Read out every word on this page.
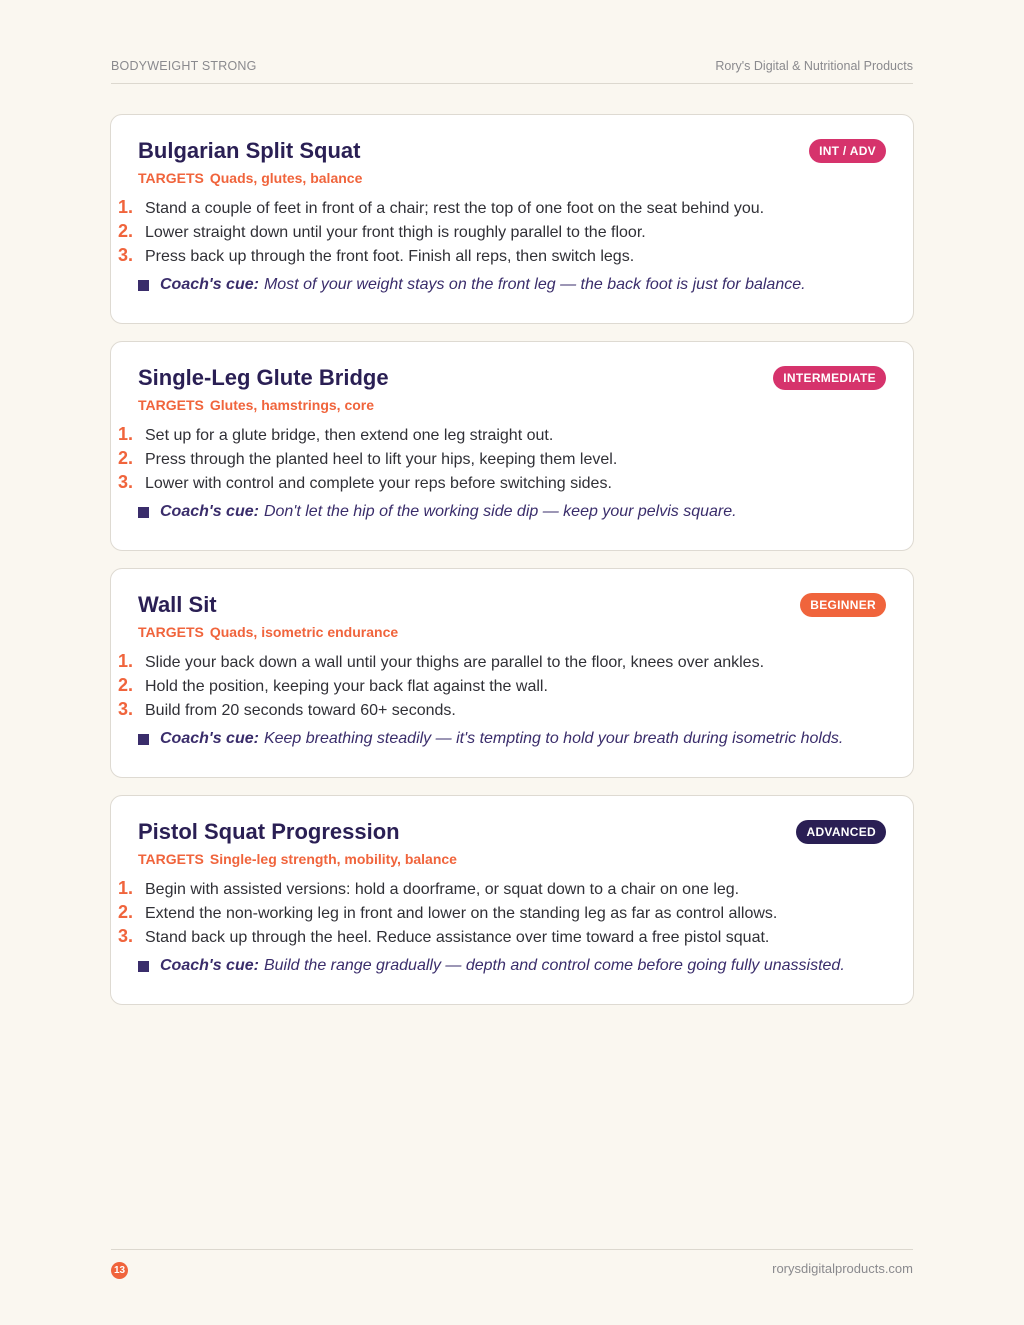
BODYWEIGHT STRONG	Rory's Digital & Nutritional Products
Bulgarian Split Squat	INT / ADV
TARGETS Quads, glutes, balance
1. Stand a couple of feet in front of a chair; rest the top of one foot on the seat behind you.
2. Lower straight down until your front thigh is roughly parallel to the floor.
3. Press back up through the front foot. Finish all reps, then switch legs.
Coach's cue: Most of your weight stays on the front leg — the back foot is just for balance.
Single-Leg Glute Bridge	INTERMEDIATE
TARGETS Glutes, hamstrings, core
1. Set up for a glute bridge, then extend one leg straight out.
2. Press through the planted heel to lift your hips, keeping them level.
3. Lower with control and complete your reps before switching sides.
Coach's cue: Don't let the hip of the working side dip — keep your pelvis square.
Wall Sit	BEGINNER
TARGETS Quads, isometric endurance
1. Slide your back down a wall until your thighs are parallel to the floor, knees over ankles.
2. Hold the position, keeping your back flat against the wall.
3. Build from 20 seconds toward 60+ seconds.
Coach's cue: Keep breathing steadily — it's tempting to hold your breath during isometric holds.
Pistol Squat Progression	ADVANCED
TARGETS Single-leg strength, mobility, balance
1. Begin with assisted versions: hold a doorframe, or squat down to a chair on one leg.
2. Extend the non-working leg in front and lower on the standing leg as far as control allows.
3. Stand back up through the heel. Reduce assistance over time toward a free pistol squat.
Coach's cue: Build the range gradually — depth and control come before going fully unassisted.
13	rorysdigitalproducts.com
